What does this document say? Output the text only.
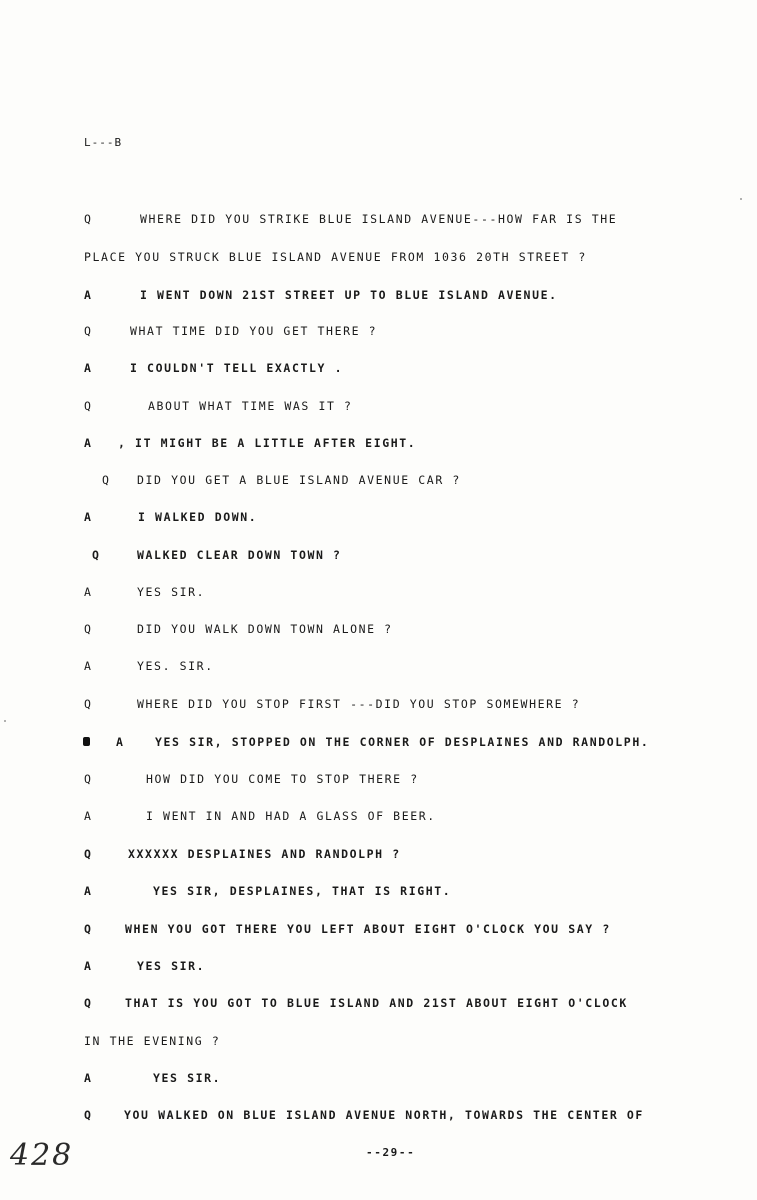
L---B
Q	WHERE DID YOU STRIKE BLUE ISLAND AVENUE---HOW FAR IS THE
PLACE YOU STRUCK BLUE ISLAND AVENUE FROM 1036 20TH STREET ?
A	I WENT DOWN 21ST STREET UP TO BLUE ISLAND AVENUE.
Q	WHAT TIME DID YOU GET THERE ?
A	I COULDN'T TELL EXACTLY .
Q	ABOUT WHAT TIME WAS IT ?
A , IT MIGHT BE A LITTLE AFTER EIGHT.
Q DID YOU GET A BLUE ISLAND AVENUE CAR ?
A	I WALKED DOWN.
Q	WALKED CLEAR DOWN TOWN ?
A	YES SIR.
Q	DID YOU WALK DOWN TOWN ALONE ?
A	YES. SIR.
Q	WHERE DID YOU STOP FIRST ---DID YOU STOP SOMEWHERE ?
A	YES SIR, STOPPED ON THE CORNER OF DESPLAINES AND RANDOLPH.
Q	HOW DID YOU COME TO STOP THERE ?
A	I WENT IN AND HAD A GLASS OF BEER.
Q	XXXXXX DESPLAINES AND RANDOLPH ?
A	YES SIR, DESPLAINES, THAT IS RIGHT.
Q	WHEN YOU GOT THERE YOU LEFT ABOUT EIGHT O'CLOCK YOU SAY ?
A	YES SIR.
Q	THAT IS YOU GOT TO BLUE ISLAND AND 21ST ABOUT EIGHT O'CLOCK
IN THE EVENING ?
A	YES SIR.
Q	YOU WALKED ON BLUE ISLAND AVENUE NORTH, TOWARDS THE CENTER OF
--29--
428
